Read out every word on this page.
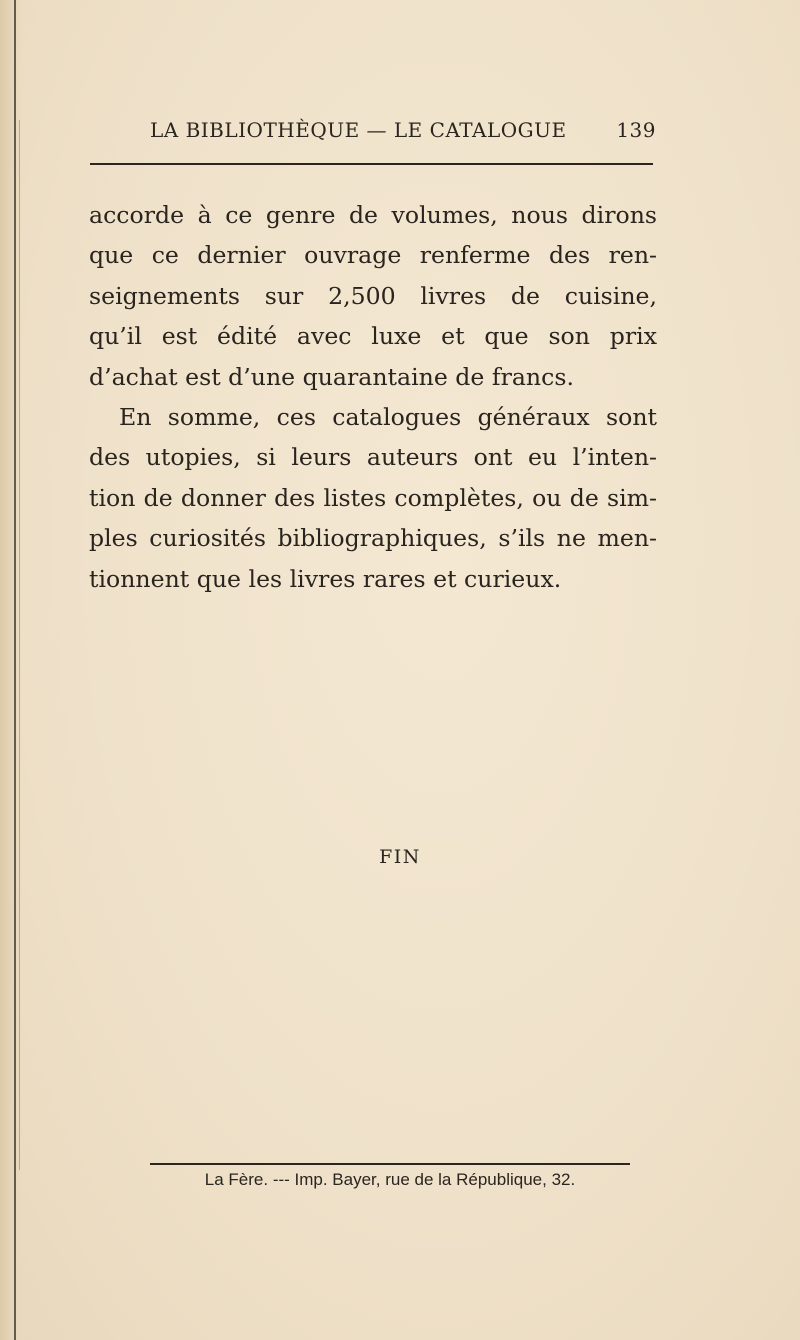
LA BIBLIOTHÈQUE — LE CATALOGUE 139
accorde à ce genre de volumes, nous dirons
que ce dernier ouvrage renferme des ren-
seignements sur 2,500 livres de cuisine,
qu’il est édité avec luxe et que son prix
d’achat est d’une quarantaine de francs.
En somme, ces catalogues généraux sont
des utopies, si leurs auteurs ont eu l’inten-
tion de donner des listes complètes, ou de sim-
ples curiosités bibliographiques, s’ils ne men-
tionnent que les livres rares et curieux.
FIN
La Fère. --- Imp. Bayer, rue de la République, 32.
